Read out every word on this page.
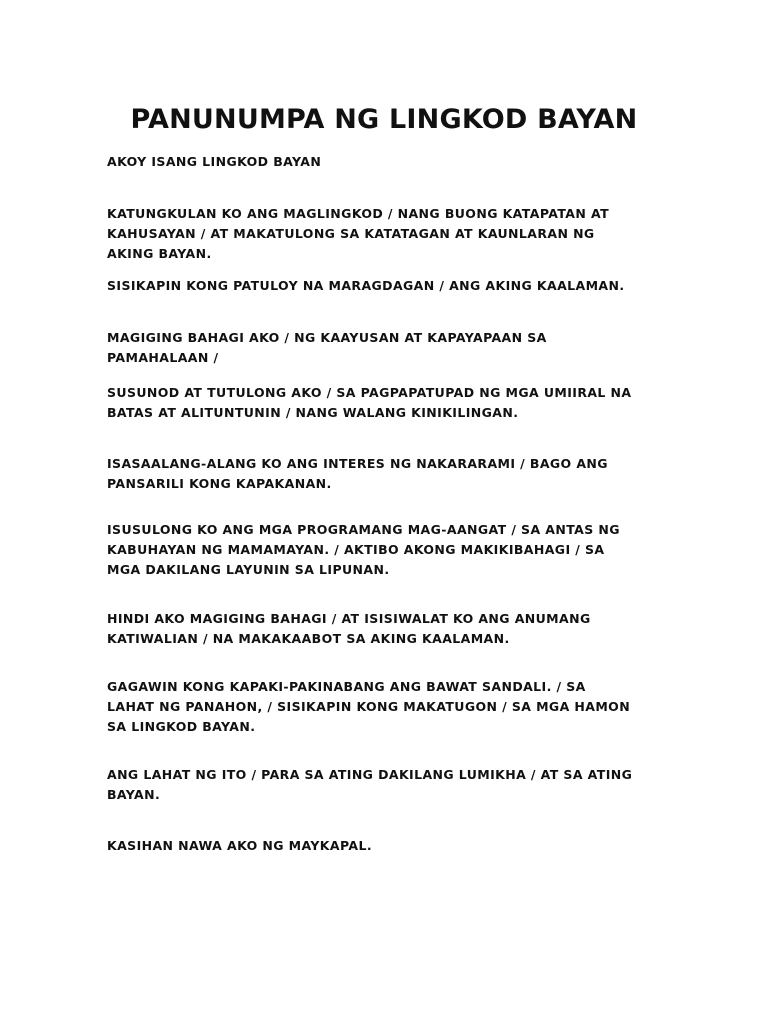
PANUNUMPA NG LINGKOD BAYAN

AKOY ISANG LINGKOD BAYAN

KATUNGKULAN KO ANG MAGLINGKOD / NANG BUONG KATAPATAN AT
KAHUSAYAN / AT MAKATULONG SA KATATAGAN AT KAUNLARAN NG
AKING BAYAN.

SISIKAPIN KONG PATULOY NA MARAGDAGAN / ANG AKING KAALAMAN.

MAGIGING BAHAGI AKO / NG KAAYUSAN AT KAPAYAPAAN SA
PAMAHALAAN /

SUSUNOD AT TUTULONG AKO / SA PAGPAPATUPAD NG MGA UMIIRAL NA
BATAS AT ALITUNTUNIN / NANG WALANG KINIKILINGAN.

ISASAALANG-ALANG KO ANG INTERES NG NAKARARAMI / BAGO ANG
PANSARILI KONG KAPAKANAN.

ISUSULONG KO ANG MGA PROGRAMANG MAG-AANGAT / SA ANTAS NG
KABUHAYAN NG MAMAMAYAN. / AKTIBO AKONG MAKIKIBAHAGI / SA
MGA DAKILANG LAYUNIN SA LIPUNAN.

HINDI AKO MAGIGING BAHAGI / AT ISISIWALAT KO ANG ANUMANG
KATIWALIAN / NA MAKAKAABOT SA AKING KAALAMAN.

GAGAWIN KONG KAPAKI-PAKINABANG ANG BAWAT SANDALI. / SA
LAHAT NG PANAHON, / SISIKAPIN KONG MAKATUGON / SA MGA HAMON
SA LINGKOD BAYAN.

ANG LAHAT NG ITO / PARA SA ATING DAKILANG LUMIKHA / AT SA ATING
BAYAN.

KASIHAN NAWA AKO NG MAYKAPAL.
